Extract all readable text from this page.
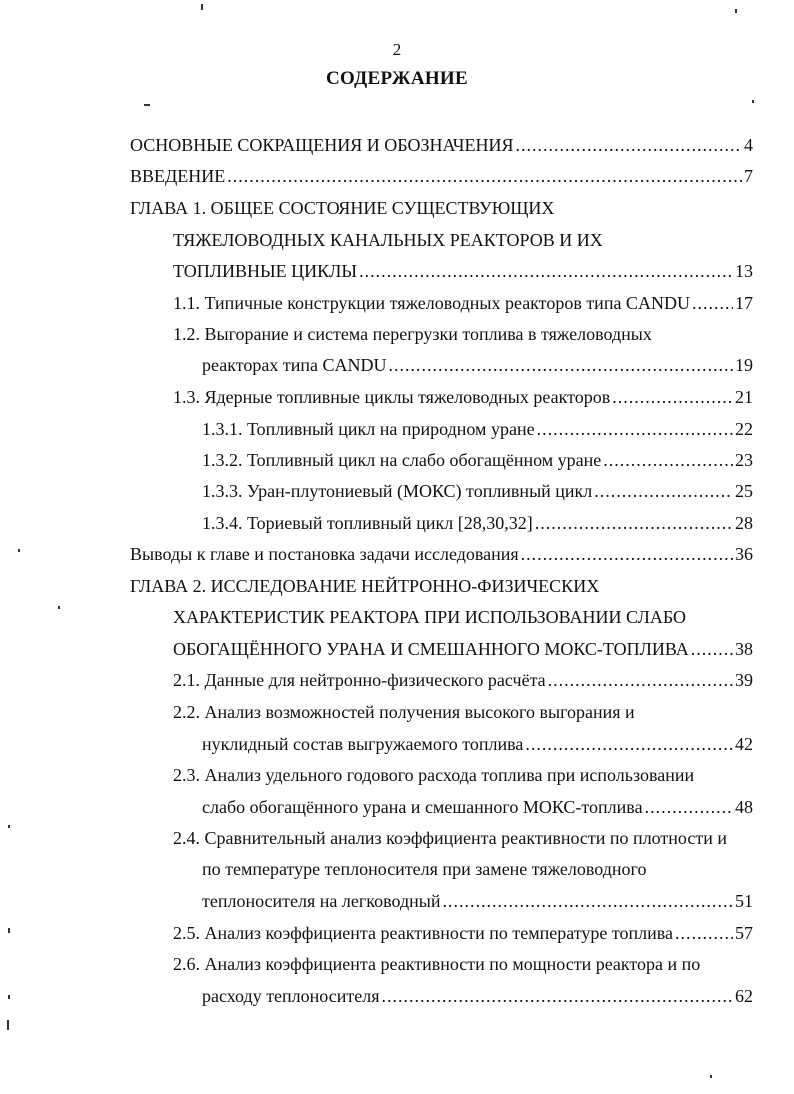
2
СОДЕРЖАНИЕ
ОСНОВНЫЕ СОКРАЩЕНИЯ И ОБОЗНАЧЕНИЯ .....	4
ВВЕДЕНИЕ .....	7
ГЛАВА 1. ОБЩЕЕ СОСТОЯНИЕ СУЩЕСТВУЮЩИХ
ТЯЖЕЛОВОДНЫХ КАНАЛЬНЫХ РЕАКТОРОВ И ИХ
ТОПЛИВНЫЕ ЦИКЛЫ .....	13
1.1. Типичные конструкции тяжеловодных реакторов типа CANDU .....	17
1.2. Выгорание и система перегрузки топлива в тяжеловодных
реакторах типа CANDU .....	19
1.3. Ядерные топливные циклы тяжеловодных реакторов .....	21
1.3.1. Топливный цикл на природном уране .....	22
1.3.2. Топливный цикл на слабо обогащённом уране .....	23
1.3.3. Уран-плутониевый (МОКС) топливный цикл .....	25
1.3.4. Ториевый топливный цикл [28,30,32] .....	28
Выводы к главе и постановка задачи исследования .....	36
ГЛАВА 2. ИССЛЕДОВАНИЕ НЕЙТРОННО-ФИЗИЧЕСКИХ
ХАРАКТЕРИСТИК РЕАКТОРА ПРИ ИСПОЛЬЗОВАНИИ СЛАБО
ОБОГАЩЁННОГО УРАНА И СМЕШАННОГО МОКС-ТОПЛИВА .....	38
2.1. Данные для нейтронно-физического расчёта .....	39
2.2. Анализ возможностей получения высокого выгорания и
нуклидный состав выгружаемого топлива .....	42
2.3. Анализ удельного годового расхода топлива при использовании
слабо обогащённого урана и смешанного МОКС-топлива .....	48
2.4. Сравнительный анализ коэффициента реактивности по плотности и
по температуре теплоносителя при замене тяжеловодного
теплоносителя на легководный .....	51
2.5. Анализ коэффициента реактивности по температуре топлива .....	57
2.6. Анализ коэффициента реактивности по мощности реактора и по
расходу теплоносителя .....	62
